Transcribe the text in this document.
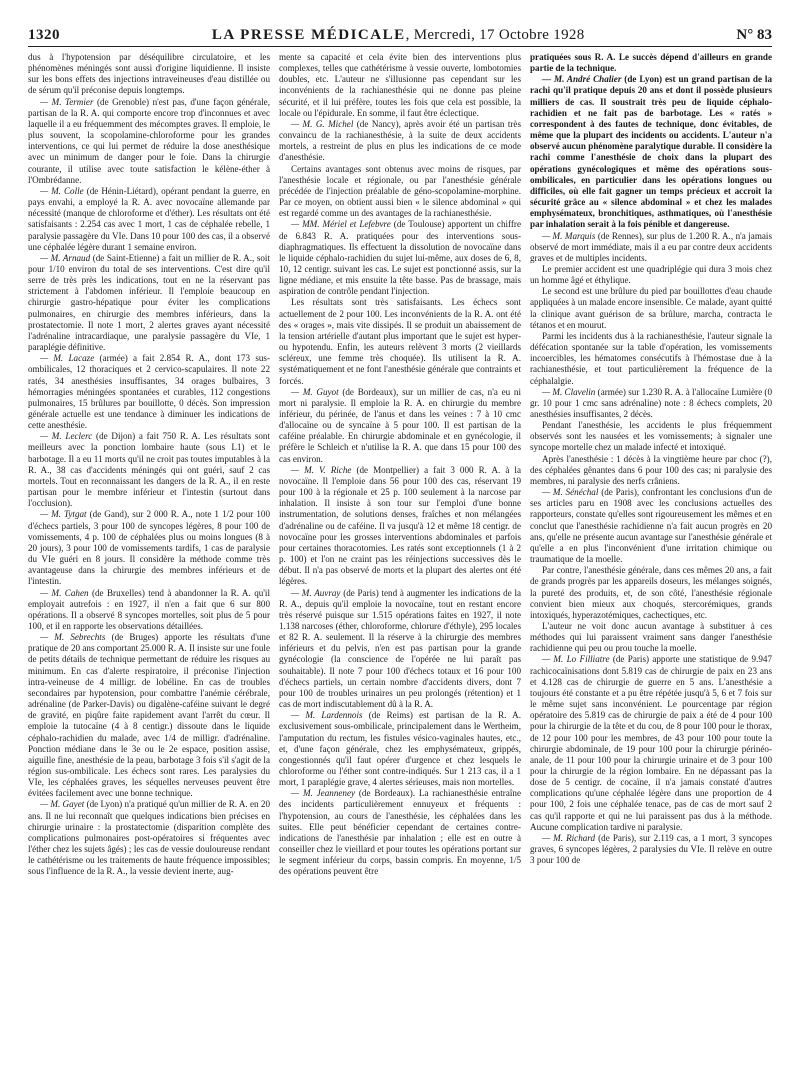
1320	LA PRESSE MÉDICALE, Mercredi, 17 Octobre 1928	N° 83

dus à l'hypotension par déséquilibre circulatoire, et les phénomènes méningés sont aussi d'origine liquidienne. Il insiste sur les bons effets des injections intraveineuses d'eau distillée ou de sérum qu'il préconise depuis longtemps.

— M. Termier (de Grenoble) n'est pas, d'une façon générale, partisan de la R. A. qui comporte encore trop d'inconnues et avec laquelle il a eu fréquemment des mécomptes graves. Il emploie, le plus souvent, la scopolamine-chloroforme pour les grandes interventions, ce qui lui permet de réduire la dose anesthésique avec un minimum de danger pour le foie. Dans la chirurgie courante, il utilise avec toute satisfaction le kélène-éther à l'Ombrédanne.

— M. Colle (de Hénin-Liétard), opérant pendant la guerre, en pays envahi, a employé la R. A. avec novocaïne allemande par nécessité (manque de chloroforme et d'éther). Les résultats ont été satisfaisants : 2.254 cas avec 1 mort, 1 cas de céphalée rebelle, 1 paralysie passagère du VIe. Dans 10 pour 100 des cas, il a observé une céphalée légère durant 1 semaine environ.

— M. Arnaud (de Saint-Etienne) a fait un millier de R. A., soit pour 1/10 environ du total de ses interventions. C'est dire qu'il serre de très près les indications, tout en ne la réservant pas strictement à l'abdomen inférieur. Il l'emploie beaucoup en chirurgie gastro-hépatique pour éviter les complications pulmonaires, en chirurgie des membres inférieurs, dans la prostatectomie. Il note 1 mort, 2 alertes graves ayant nécessité l'adrénaline intracardiaque, une paralysie passagère du VIe, 1 paraplégie définitive.

— M. Lacaze (armée) a fait 2.854 R. A., dont 173 sus-ombilicales, 12 thoraciques et 2 cervico-scapulaires. Il note 22 ratés, 34 anesthésies insuffisantes, 34 orages bulbaires, 3 hémorragies méningées spontanées et curables, 112 congestions pulmonaires, 15 brûlures par bouillotte, 0 décès. Son impression générale actuelle est une tendance à diminuer les indications de cette anesthésie.

— M. Leclerc (de Dijon) a fait 750 R. A. Les résultats sont meilleurs avec la ponction lombaire haute (sous L1) et le barbotage. Il a eu 11 morts qu'il ne croit pas toutes imputables à la R. A., 38 cas d'accidents méningés qui ont guéri, sauf 2 cas mortels. Tout en reconnaissant les dangers de la R. A., il en reste partisan pour le membre inférieur et l'intestin (surtout dans l'occlusion).

— M. Tytgat (de Gand), sur 2 000 R. A., note 1 1/2 pour 100 d'échecs partiels, 3 pour 100 de syncopes légères, 8 pour 100 de vomissements, 4 p. 100 de céphalées plus ou moins longues (8 à 20 jours), 3 pour 100 de vomissements tardifs, 1 cas de paralysie du VIe guéri en 8 jours. Il considère la méthode comme très avantageuse dans la chirurgie des membres inférieurs et de l'intestin.

— M. Cahen (de Bruxelles) tend à abandonner la R. A. qu'il employait autrefois : en 1927, il n'en a fait que 6 sur 800 opérations. Il a observé 8 syncopes mortelles, soit plus de 5 pour 100, et il en rapporte les observations détaillées.

— M. Sebrechts (de Bruges) apporte les résultats d'une pratique de 20 ans comportant 25.000 R. A. Il insiste sur une foule de petits détails de technique permettant de réduire les risques au minimum. En cas d'alerte respiratoire, il préconise l'injection intra-veineuse de 4 milligr. de lobéline. En cas de troubles secondaires par hypotension, pour combattre l'anémie cérébrale, adrénaline (de Parker-Davis) ou digalène-caféine suivant le degré de gravité, en piqûre faite rapidement avant l'arrêt du cœur. Il emploie la tutocaïne (4 à 8 centigr.) dissoute dans le liquide céphalo-rachidien du malade, avec 1/4 de milligr. d'adrénaline. Ponction médiane dans le 3e ou le 2e espace, position assise, aiguille fine, anesthésie de la peau, barbotage 3 fois s'il s'agit de la région sus-ombilicale. Les échecs sont rares. Les paralysies du VIe, les céphalées graves, les séquelles nerveuses peuvent être évitées facilement avec une bonne technique.

— M. Gayet (de Lyon) n'a pratiqué qu'un millier de R. A. en 20 ans. Il ne lui reconnaît que quelques indications bien précises en chirurgie urinaire : la prostatectomie (disparition complète des complications pulmonaires post-opératoires si fréquentes avec l'éther chez les sujets âgés) ; les cas de vessie douloureuse rendant le cathétérisme ou les traitements de haute fréquence impossibles; sous l'influence de la R. A., la vessie devient inerte, aug-

mente sa capacité et cela évite bien des interventions plus complexes, telles que cathétérisme à vessie ouverte, lombotomies doubles, etc. L'auteur ne s'illusionne pas cependant sur les inconvénients de la rachianesthésie qui ne donne pas pleine sécurité, et il lui préfère, toutes les fois que cela est possible, la locale ou l'épidurale. En somme, il faut être éclectique.

— M. G. Michel (de Nancy), après avoir été un partisan très convaincu de la rachianesthésie, à la suite de deux accidents mortels, a restreint de plus en plus les indications de ce mode d'anesthésie.

Certains avantages sont obtenus avec moins de risques, par l'anesthésie locale et régionale, ou par l'anesthésie générale précédée de l'injection préalable de géno-scopolamine-morphine. Par ce moyen, on obtient aussi bien « le silence abdominal » qui est regardé comme un des avantages de la rachianesthésie.

— MM. Mériel et Lefebvre (de Toulouse) apportent un chiffre de 6.843 R. A. pratiquées pour des interventions sous-diaphragmatiques. Ils effectuent la dissolution de novocaïne dans le liquide céphalo-rachidien du sujet lui-même, aux doses de 6, 8, 10, 12 centigr. suivant les cas. Le sujet est ponctionné assis, sur la ligne médiane, et mis ensuite la tête basse. Pas de brassage, mais aspiration de contrôle pendant l'injection.

Les résultats sont très satisfaisants. Les échecs sont actuellement de 2 pour 100. Les inconvénients de la R. A. ont été des « orages », mais vite dissipés. Il se produit un abaissement de la tension artérielle d'autant plus important que le sujet est hyper- ou hypotendu. Enfin, les auteurs relèvent 3 morts (2 vieillards scléreux, une femme très choquée). Ils utilisent la R. A. systématiquement et ne font l'anesthésie générale que contraints et forcés.

— M. Guyot (de Bordeaux), sur un millier de cas, n'a eu ni mort ni paralysie. Il emploie la R. A. en chirurgie du membre inférieur, du périnée, de l'anus et dans les veines : 7 à 10 cmc d'allocaïne ou de syncaïne à 5 pour 100. Il est partisan de la caféine préalable. En chirurgie abdominale et en gynécologie, il préfère le Schleich et n'utilise la R. A. que dans 15 pour 100 des cas environ.

— M. V. Riche (de Montpellier) a fait 3 000 R. A. à la novocaïne. Il l'emploie dans 56 pour 100 des cas, réservant 19 pour 100 à la régionale et 25 p. 100 seulement à la narcose par inhalation. Il insiste à son tour sur l'emploi d'une bonne instrumentation, de solutions denses, fraîches et non mélangées d'adrénaline ou de caféine. Il va jusqu'à 12 et même 18 centigr. de novocaïne pour les grosses interventions abdominales et parfois pour certaines thoracotomies. Les ratés sont exceptionnels (1 à 2 p. 100) et l'on ne craint pas les réinjections successives dès le début. Il n'a pas observé de morts et la plupart des alertes ont été légères.

— M. Auvray (de Paris) tend à augmenter les indications de la R. A., depuis qu'il emploie la novocaïne, tout en restant encore très réservé puisque sur 1.515 opérations faites en 1927, il note 1.138 narcoses (éther, chloroforme, chlorure d'éthyle), 295 locales et 82 R. A. seulement. Il la réserve à la chirurgie des membres inférieurs et du pelvis, n'en est pas partisan pour la grande gynécologie (la conscience de l'opérée ne lui paraît pas souhaitable). Il note 7 pour 100 d'échecs totaux et 16 pour 100 d'échecs partiels, un certain nombre d'accidents divers, dont 7 pour 100 de troubles urinaires un peu prolongés (rétention) et 1 cas de mort indiscutablement dû à la R. A.

— M. Lardennois (de Reims) est partisan de la R. A. exclusivement sous-ombilicale, principalement dans le Wertheim, l'amputation du rectum, les fistules vésico-vaginales hautes, etc., et, d'une façon générale, chez les emphysémateux, grippés, congestionnés qu'il faut opérer d'urgence et chez lesquels le chloroforme ou l'éther sont contre-indiqués. Sur 1 213 cas, il a 1 mort, 1 paraplégie grave, 4 alertes sérieuses, mais non mortelles.

— M. Jeanneney (de Bordeaux). La rachianesthésie entraîne des incidents particulièrement ennuyeux et fréquents : l'hypotension, au cours de l'anesthésie, les céphalées dans les suites. Elle peut bénéficier cependant de certaines contre-indications de l'anesthésie par inhalation ; elle est en outre à conseiller chez le vieillard et pour toutes les opérations portant sur le segment inférieur du corps, bassin compris. En moyenne, 1/5 des opérations peuvent être

pratiquées sous R. A. Le succès dépend d'ailleurs en grande partie de la technique.

— M. André Chalier (de Lyon) est un grand partisan de la rachi qu'il pratique depuis 20 ans et dont il possède plusieurs milliers de cas. Il soustrait très peu de liquide céphalo-rachidien et ne fait pas de barbotage. Les « ratés » correspondent à des fautes de technique, donc évitables, de même que la plupart des incidents ou accidents. L'auteur n'a observé aucun phénomène paralytique durable. Il considère la rachi comme l'anesthésie de choix dans la plupart des opérations gynécologiques et même des opérations sous-ombilicales, en particulier dans les opérations longues ou difficiles, où elle fait gagner un temps précieux et accroît la sécurité grâce au « silence abdominal » et chez les malades emphysémateux, bronchitiques, asthmatiques, où l'anesthésie par inhalation serait à la fois pénible et dangereuse.

— M. Marquis (de Rennes), sur plus de 1.200 R. A., n'a jamais observé de mort immédiate, mais il a eu par contre deux accidents graves et de multiples incidents.

Le premier accident est une quadriplégie qui dura 3 mois chez un homme âgé et éthylique.

Le second est une brûlure du pied par bouillottes d'eau chaude appliquées à un malade encore insensible. Ce malade, ayant quitté la clinique avant guérison de sa brûlure, marcha, contracta le tétanos et en mourut.

Parmi les incidents dus à la rachianesthésie, l'auteur signale la défécation spontanée sur la table d'opération, les vomissements incoercibles, les hématomes consécutifs à l'hémostase due à la rachianesthésie, et tout particulièrement la fréquence de la céphalalgie.

— M. Clavelin (armée) sur 1.230 R. A. à l'allocaïne Lumière (0 gr. 10 pour 1 cmc sans adrénaline) note : 8 échecs complets, 20 anesthésies insuffisantes, 2 décès.

Pendant l'anesthésie, les accidents le plus fréquemment observés sont les nausées et les vomissements; à signaler une syncope mortelle chez un malade infecté et intoxiqué.

Après l'anesthésie : 1 décès à la vingtième heure par choc (?), des céphalées gênantes dans 6 pour 100 des cas; ni paralysie des membres, ni paralysie des nerfs crâniens.

— M. Sénéchal (de Paris), confrontant les conclusions d'un de ses articles paru en 1908 avec les conclusions actuelles des rapporteurs, constate qu'elles sont rigoureusement les mêmes et en conclut que l'anesthésie rachidienne n'a fait aucun progrès en 20 ans, qu'elle ne présente aucun avantage sur l'anesthésie générale et qu'elle a en plus l'inconvénient d'une irritation chimique ou traumatique de la moelle.

Par contre, l'anesthésie générale, dans ces mêmes 20 ans, a fait de grands progrès par les appareils doseurs, les mélanges soignés, la pureté des produits, et, de son côté, l'anesthésie régionale convient bien mieux aux choqués, stercorémiques, grands intoxiqués, hyperazotémiques, cachectiques, etc.

L'auteur ne voit donc aucun avantage à substituer à ces méthodes qui lui paraissent vraiment sans danger l'anesthésie rachidienne qui peu ou prou touche la moelle.

— M. Lo Filliatre (de Paris) apporte une statistique de 9.947 rachicocaïnisations dont 5.819 cas de chirurgie de paix en 23 ans et 4.128 cas de chirurgie de guerre en 5 ans. L'anesthésie a toujours été constante et a pu être répétée jusqu'à 5, 6 et 7 fois sur le même sujet sans inconvénient. Le pourcentage par région opératoire des 5.819 cas de chirurgie de paix a été de 4 pour 100 pour la chirurgie de la tête et du cou, de 8 pour 100 pour le thorax, de 12 pour 100 pour les membres, de 43 pour 100 pour toute la chirurgie abdominale, de 19 pour 100 pour la chirurgie périnéo-anale, de 11 pour 100 pour la chirurgie urinaire et de 3 pour 100 pour la chirurgie de la région lombaire. En ne dépassant pas la dose de 5 centigr. de cocaïne, il n'a jamais constaté d'autres complications qu'une céphalée légère dans une proportion de 4 pour 100, 2 fois une céphalée tenace, pas de cas de mort sauf 2 cas qu'il rapporte et qui ne lui paraissent pas dus à la méthode. Aucune complication tardive ni paralysie.

— M. Richard (de Paris), sur 2.119 cas, a 1 mort, 3 syncopes graves, 6 syncopes légères, 2 paralysies du VIe. Il relève en outre 3 pour 100 de
